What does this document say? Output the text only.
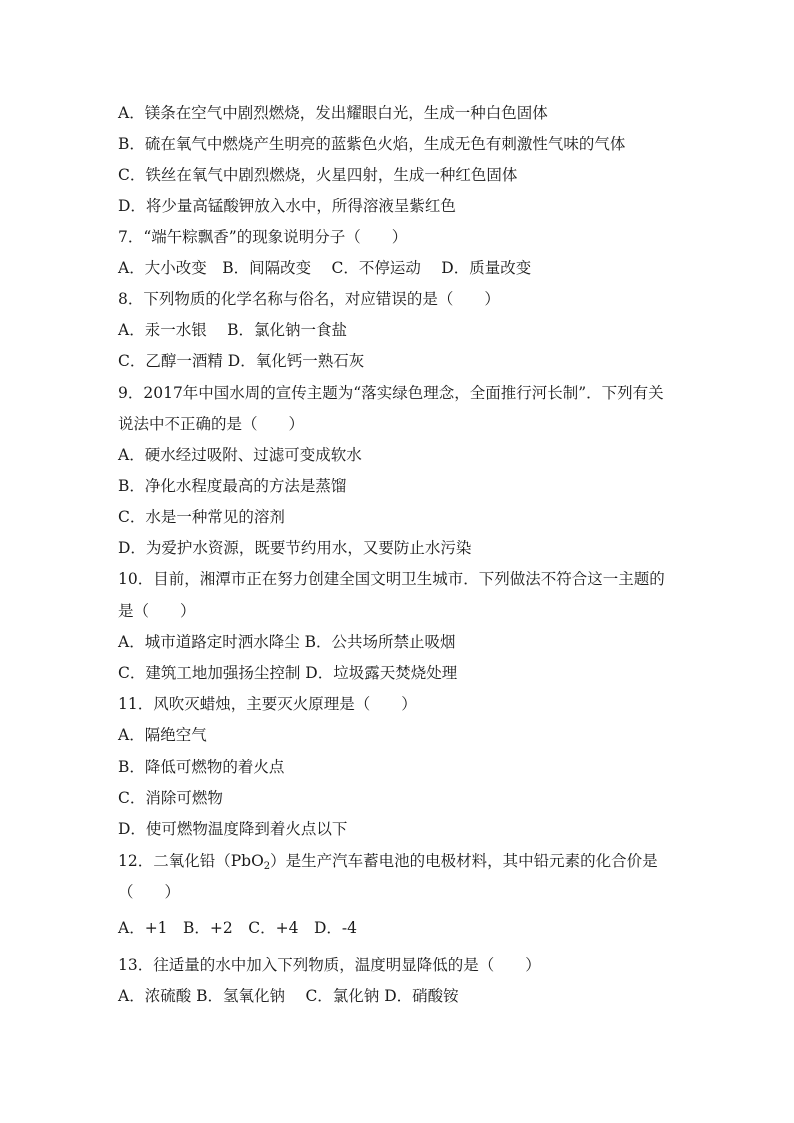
A．镁条在空气中剧烈燃烧，发出耀眼白光，生成一种白色固体
B．硫在氧气中燃烧产生明亮的蓝紫色火焰，生成无色有刺激性气味的气体
C．铁丝在氧气中剧烈燃烧，火星四射，生成一种红色固体
D．将少量高锰酸钾放入水中，所得溶液呈紫红色
7．“端午粽飘香”的现象说明分子（　　）
A．大小改变　B．间隔改变　 C．不停运动　 D．质量改变
8．下列物质的化学名称与俗名，对应错误的是（　　）
A．汞一水银　 B．氯化钠一食盐
C．乙醇一酒精 D．氧化钙一熟石灰
9．2017年中国水周的宣传主题为“落实绿色理念，全面推行河长制”．下列有关
说法中不正确的是（　　）
A．硬水经过吸附、过滤可变成软水
B．净化水程度最高的方法是蒸馏
C．水是一种常见的溶剂
D．为爱护水资源，既要节约用水，又要防止水污染
10．目前，湘潭市正在努力创建全国文明卫生城市．下列做法不符合这一主题的
是（　　）
A．城市道路定时洒水降尘 B．公共场所禁止吸烟
C．建筑工地加强扬尘控制 D．垃圾露天焚烧处理
11．风吹灭蜡烛，主要灭火原理是（　　）
A．隔绝空气
B．降低可燃物的着火点
C．消除可燃物
D．使可燃物温度降到着火点以下
12．二氧化铅（PbO$_2$）是生产汽车蓄电池的电极材料，其中铅元素的化合价是
（　　）
A．+1　B．+2　C．+4　D．-4
13．往适量的水中加入下列物质，温度明显降低的是（　　）
A．浓硫酸 B．氢氧化钠　 C．氯化钠 D．硝酸铵
